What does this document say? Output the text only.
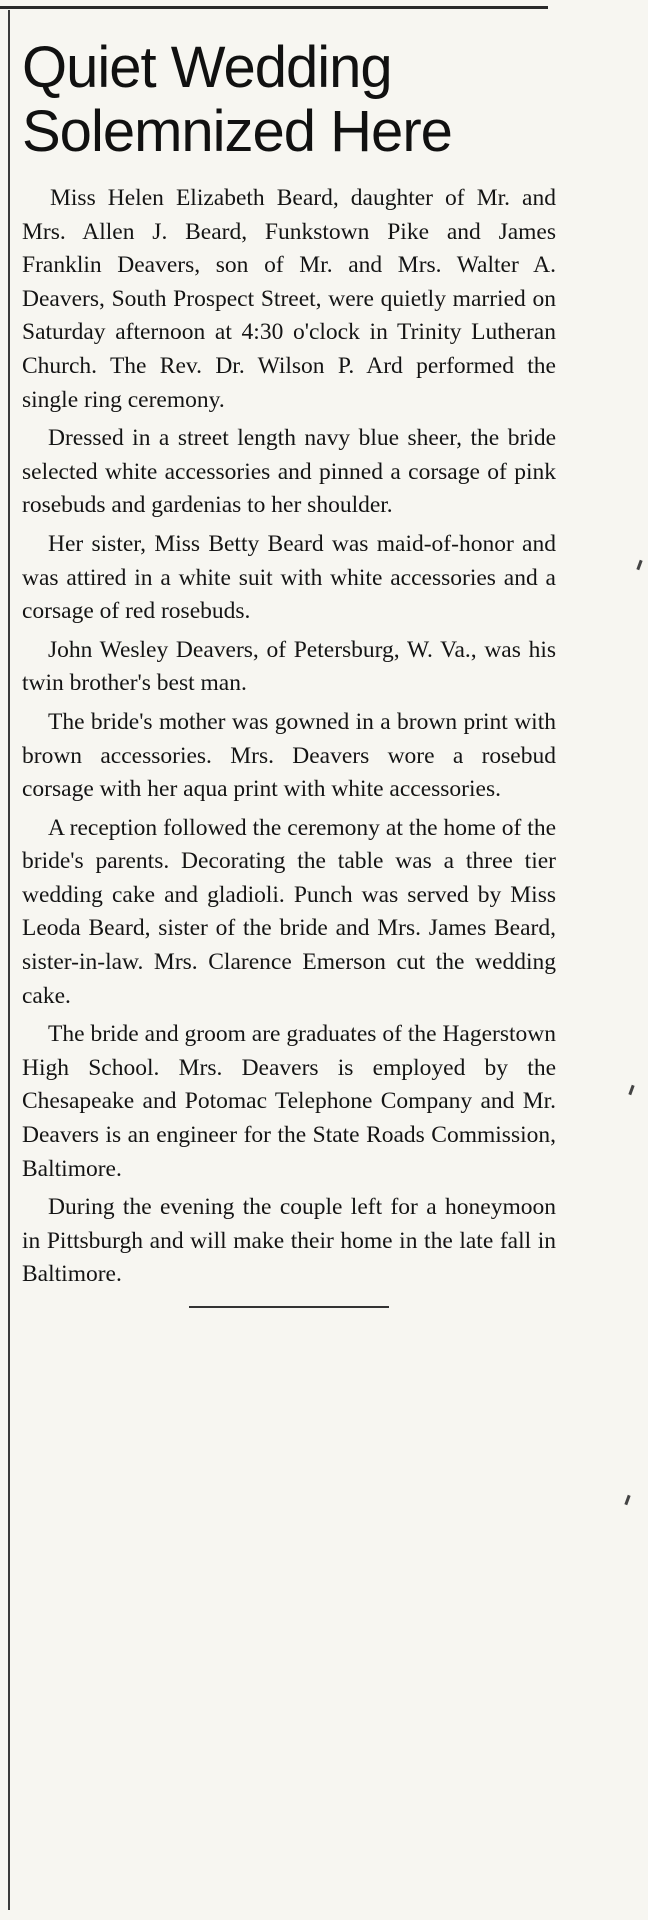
Quiet Wedding
Solemnized Here

Miss Helen Elizabeth Beard, daughter of Mr. and Mrs. Allen J. Beard, Funkstown Pike and James Franklin Deavers, son of Mr. and Mrs. Walter A. Deavers, South Prospect Street, were quietly married on Saturday afternoon at 4:30 o'clock in Trinity Lutheran Church. The Rev. Dr. Wilson P. Ard performed the single ring ceremony.

Dressed in a street length navy blue sheer, the bride selected white accessories and pinned a corsage of pink rosebuds and gardenias to her shoulder.

Her sister, Miss Betty Beard was maid-of-honor and was attired in a white suit with white accessories and a corsage of red rosebuds.

John Wesley Deavers, of Petersburg, W. Va., was his twin brother's best man.

The bride's mother was gowned in a brown print with brown accessories. Mrs. Deavers wore a rosebud corsage with her aqua print with white accessories.

A reception followed the ceremony at the home of the bride's parents. Decorating the table was a three tier wedding cake and gladioli. Punch was served by Miss Leoda Beard, sister of the bride and Mrs. James Beard, sister-in-law. Mrs. Clarence Emerson cut the wedding cake.

The bride and groom are graduates of the Hagerstown High School. Mrs. Deavers is employed by the Chesapeake and Potomac Telephone Company and Mr. Deavers is an engineer for the State Roads Commission, Baltimore.

During the evening the couple left for a honeymoon in Pittsburgh and will make their home in the late fall in Baltimore.
